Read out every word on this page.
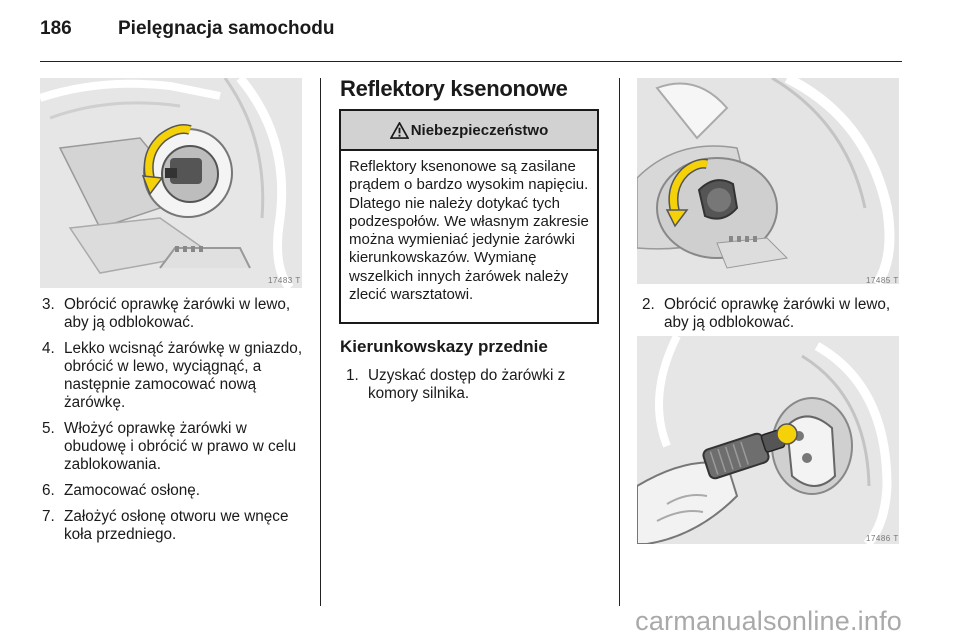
186 Pielęgnacja samochodu
17483 T
3. Obrócić oprawkę żarówki w lewo, aby ją odblokować.
4. Lekko wcisnąć żarówkę w gniazdo, obrócić w lewo, wyciągnąć, a następnie zamocować nową żarówkę.
5. Włożyć oprawkę żarówki w obudowę i obrócić w prawo w celu zablokowania.
6. Zamocować osłonę.
7. Założyć osłonę otworu we wnęce koła przedniego.
Reflektory ksenonowe
Niebezpieczeństwo
Reflektory ksenonowe są zasilane prądem o bardzo wysokim napięciu. Dlatego nie należy dotykać tych podzespołów. We własnym zakresie można wymieniać jedynie żarówki kierunkowskazów. Wymianę wszelkich innych żarówek należy zlecić warsztatowi.
Kierunkowskazy przednie
1. Uzyskać dostęp do żarówki z komory silnika.
17485 T
2. Obrócić oprawkę żarówki w lewo, aby ją odblokować.
17486 T
carmanualsonline.info
